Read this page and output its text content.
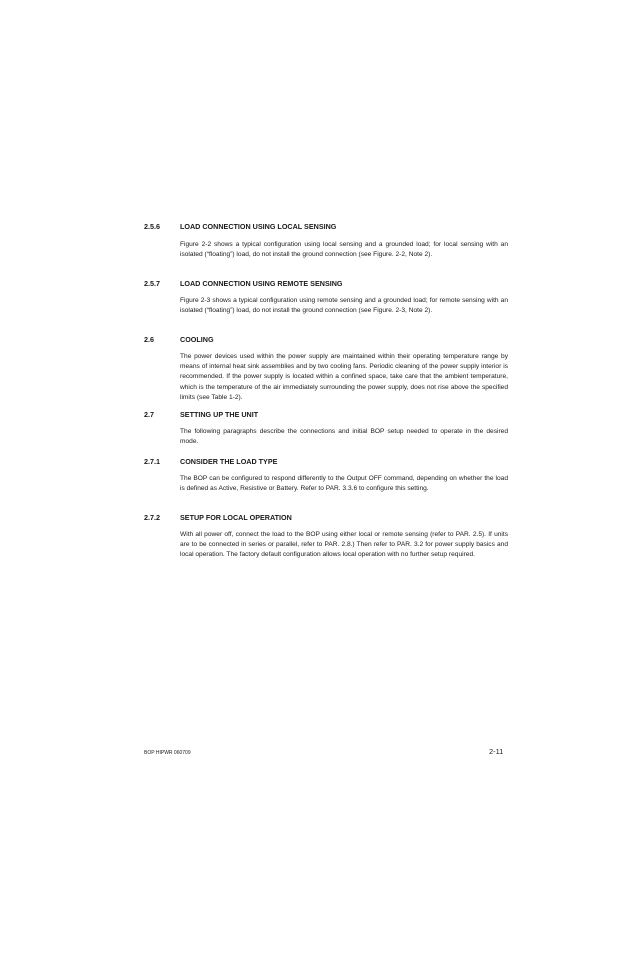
2.5.6	LOAD CONNECTION USING LOCAL SENSING

Figure 2-2 shows a typical configuration using local sensing and a grounded load; for local sensing with an isolated (“floating”) load, do not install the ground connection (see Figure. 2-2, Note 2).

2.5.7	LOAD CONNECTION USING REMOTE SENSING

Figure 2-3 shows a typical configuration using remote sensing and a grounded load; for remote sensing with an isolated (“floating”) load, do not install the ground connection (see Figure. 2-3, Note 2).

2.6	COOLING

The power devices used within the power supply are maintained within their operating temperature range by means of internal heat sink assemblies and by two cooling fans. Periodic cleaning of the power supply interior is recommended. If the power supply is located within a confined space, take care that the ambient temperature, which is the temperature of the air immediately surrounding the power supply, does not rise above the specified limits (see Table 1-2).

2.7	SETTING UP THE UNIT

The following paragraphs describe the connections and initial BOP setup needed to operate in the desired mode.

2.7.1	CONSIDER THE LOAD TYPE

The BOP can be configured to respond differently to the Output OFF command, depending on whether the load is defined as Active, Resistive or Battery. Refer to PAR. 3.3.6 to configure this setting.

2.7.2	SETUP FOR LOCAL OPERATION

With all power off, connect the load to the BOP using either local or remote sensing (refer to PAR. 2.5). If units are to be connected in series or parallel, refer to PAR. 2.8.) Then refer to PAR. 3.2 for power supply basics and local operation. The factory default configuration allows local operation with no further setup required.

BOP HIPWR 060709	2-11
